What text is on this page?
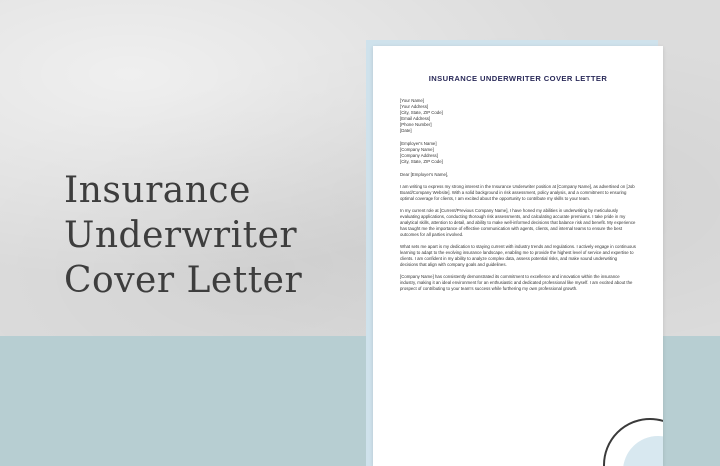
Insurance
Underwriter
Cover Letter
INSURANCE UNDERWRITER COVER LETTER
[Your Name]
[Your Address]
[City, State, ZIP Code]
[Email Address]
[Phone Number]
[Date]
[Employer's Name]
[Company Name]
[Company Address]
[City, State, ZIP Code]

Dear [Employer's Name],

I am writing to express my strong interest in the Insurance Underwriter position at [Company Name], as advertised on [Job Board/Company Website]. With a solid background in risk assessment, policy analysis, and a commitment to ensuring optimal coverage for clients, I am excited about the opportunity to contribute my skills to your team.

In my current role at [Current/Previous Company Name], I have honed my abilities in underwriting by meticulously evaluating applications, conducting thorough risk assessments, and calculating accurate premiums. I take pride in my analytical skills, attention to detail, and ability to make well-informed decisions that balance risk and benefit. My experience has taught me the importance of effective communication with agents, clients, and internal teams to ensure the best outcomes for all parties involved.

What sets me apart is my dedication to staying current with industry trends and regulations. I actively engage in continuous learning to adapt to the evolving insurance landscape, enabling me to provide the highest level of service and expertise to clients. I am confident in my ability to analyze complex data, assess potential risks, and make sound underwriting decisions that align with company goals and guidelines.

[Company Name] has consistently demonstrated its commitment to excellence and innovation within the insurance industry, making it an ideal environment for an enthusiastic and dedicated professional like myself. I am excited about the prospect of contributing to your team's success while furthering my own professional growth.
